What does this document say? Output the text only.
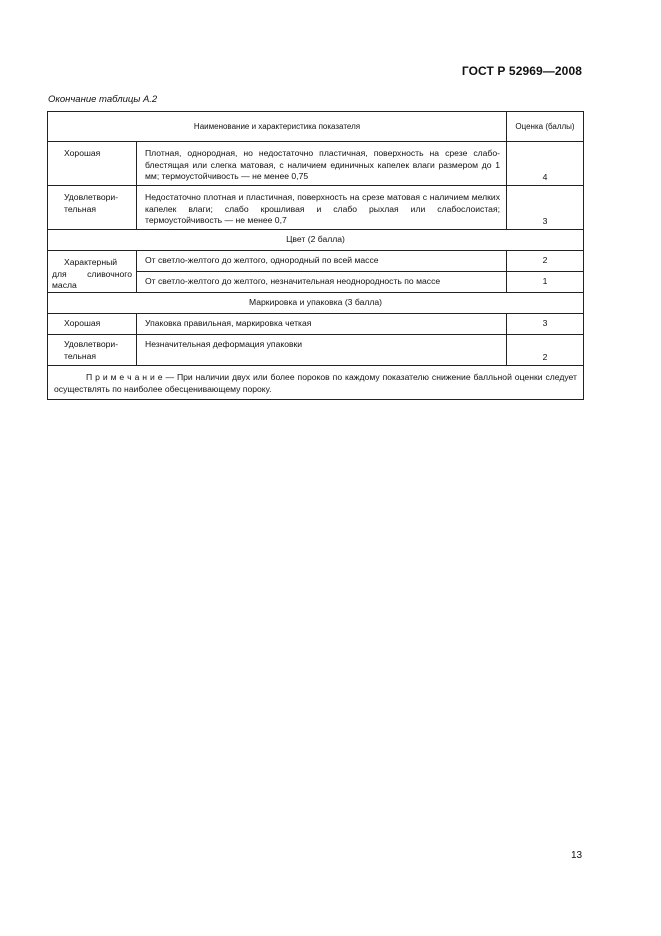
ГОСТ Р 52969—2008
Окончание таблицы А.2
Наименование и характеристика показателя		Оценка (баллы)
Хорошая	Плотная, однородная, но недостаточно пластичная, поверхность на срезе слабо-блестящая или слегка матовая, с наличием единичных капелек влаги размером до 1 мм; термоустойчивость — не менее 0,75	4

Удовлетвори-
тельная	Недостаточно плотная и пластичная, поверхность на срезе матовая с наличием мелких капелек влаги; слабо крошливая и слабо рыхлая или слабослоистая; термоустойчивость — не менее 0,7	3
Цвет (2 балла)		

Характерный
для сливочного
масла	От светло-желтого до желтого, однородный по всей массе	2
	От светло-желтого до желтого, незначительная неоднородность по массе	1
Маркировка и упаковка (3 балла)		
Хорошая	Упаковка правильная, маркировка четкая	3

Удовлетвори-
тельная	Незначительная деформация упаковки	2
П р и м е ч а н и е — При наличии двух или более пороков по каждому показателю снижение балльной оценки следует осуществлять по наиболее обесценивающему пороку.		
13
